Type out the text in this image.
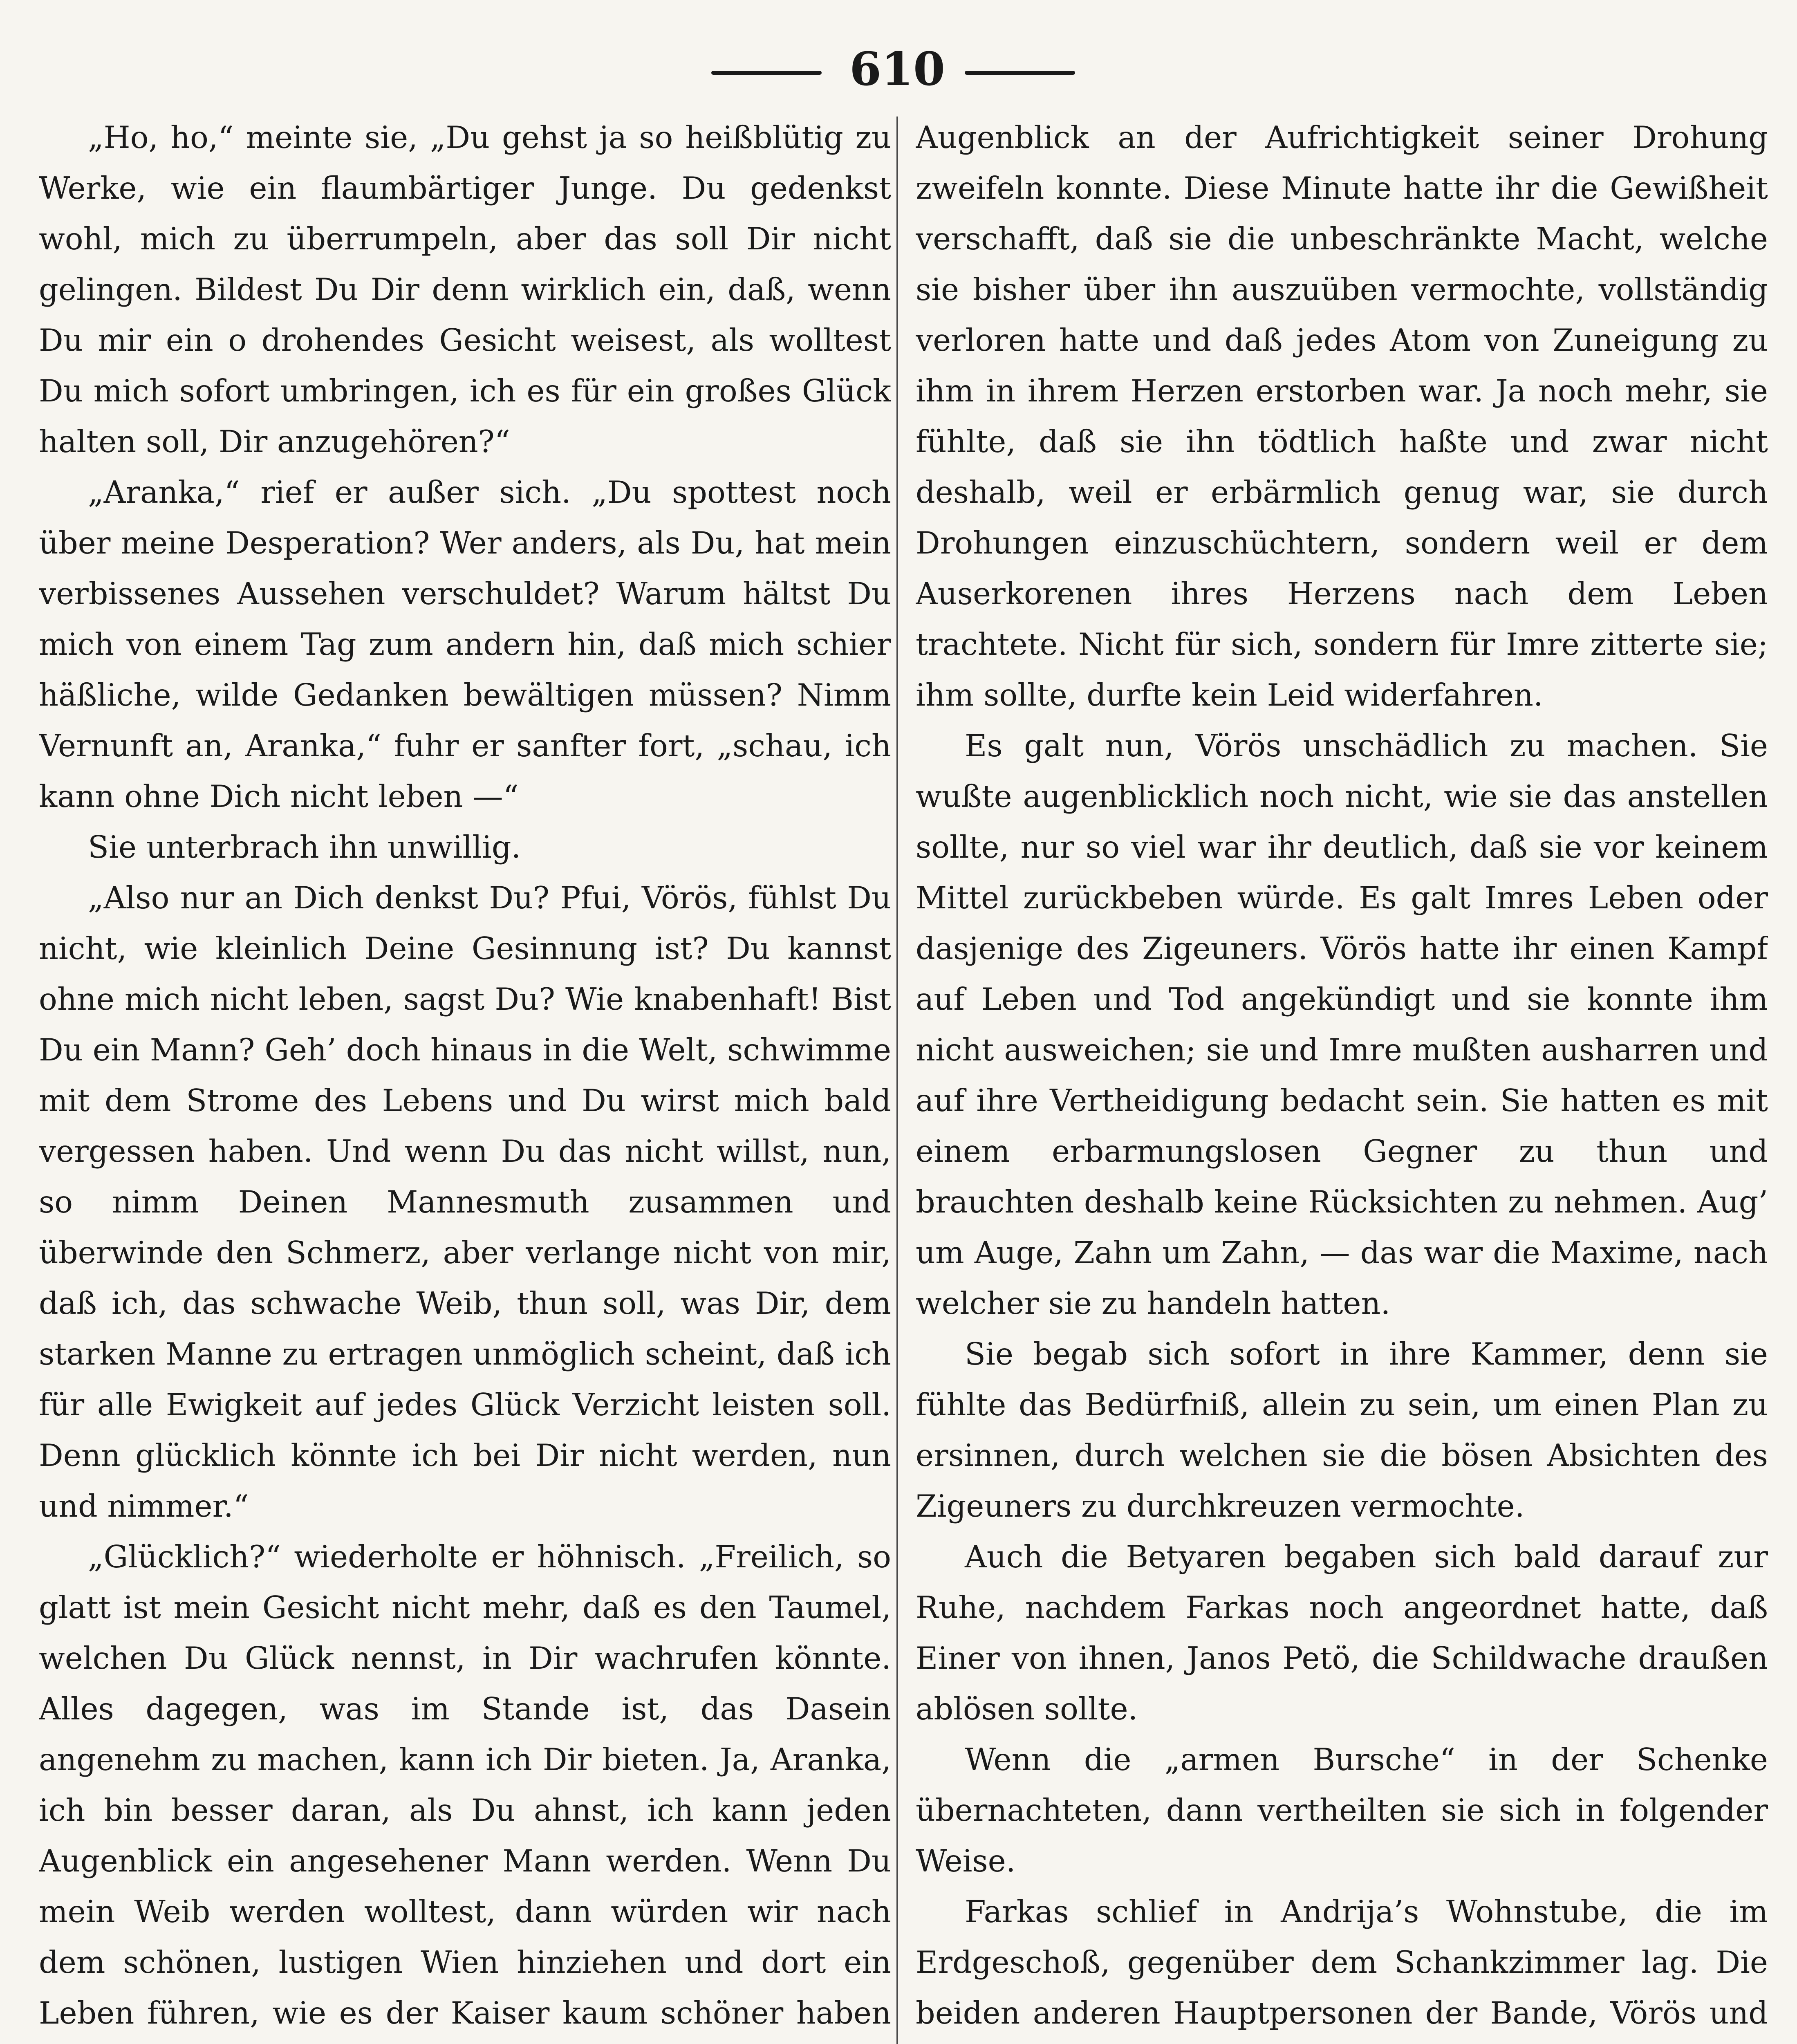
610

„Ho, ho,“ meinte sie, „Du gehst ja so heißblütig zu Werke, wie ein flaumbärtiger Junge. Du gedenkst wohl, mich zu überrumpeln, aber das soll Dir nicht gelingen. Bildest Du Dir denn wirklich ein, daß, wenn Du mir ein o drohendes Gesicht weisest, als wolltest Du mich sofort umbringen, ich es für ein großes Glück halten soll, Dir anzugehören?“

„Aranka,“ rief er außer sich. „Du spottest noch über meine Desperation? Wer anders, als Du, hat mein verbissenes Aussehen verschuldet? Warum hältst Du mich von einem Tag zum andern hin, daß mich schier häßliche, wilde Gedanken bewältigen müssen? Nimm Vernunft an, Aranka,“ fuhr er sanfter fort, „schau, ich kann ohne Dich nicht leben —“

Sie unterbrach ihn unwillig.

„Also nur an Dich denkst Du? Pfui, Vörös, fühlst Du nicht, wie kleinlich Deine Gesinnung ist? Du kannst ohne mich nicht leben, sagst Du? Wie knabenhaft! Bist Du ein Mann? Geh’ doch hinaus in die Welt, schwimme mit dem Strome des Lebens und Du wirst mich bald vergessen haben. Und wenn Du das nicht willst, nun, so nimm Deinen Mannesmuth zusammen und überwinde den Schmerz, aber verlange nicht von mir, daß ich, das schwache Weib, thun soll, was Dir, dem starken Manne zu ertragen unmöglich scheint, daß ich für alle Ewigkeit auf jedes Glück Verzicht leisten soll. Denn glücklich könnte ich bei Dir nicht werden, nun und nimmer.“

„Glücklich?“ wiederholte er höhnisch. „Freilich, so glatt ist mein Gesicht nicht mehr, daß es den Taumel, welchen Du Glück nennst, in Dir wachrufen könnte. Alles dagegen, was im Stande ist, das Dasein angenehm zu machen, kann ich Dir bieten. Ja, Aranka, ich bin besser daran, als Du ahnst, ich kann jeden Augenblick ein angesehener Mann werden. Wenn Du mein Weib werden wolltest, dann würden wir nach dem schönen, lustigen Wien hinziehen und dort ein Leben führen, wie es der Kaiser kaum schöner haben

Augenblick an der Aufrichtigkeit seiner Drohung zweifeln konnte. Diese Minute hatte ihr die Gewißheit verschafft, daß sie die unbeschränkte Macht, welche sie bisher über ihn auszuüben vermochte, vollständig verloren hatte und daß jedes Atom von Zuneigung zu ihm in ihrem Herzen erstorben war. Ja noch mehr, sie fühlte, daß sie ihn tödtlich haßte und zwar nicht deshalb, weil er erbärmlich genug war, sie durch Drohungen einzuschüchtern, sondern weil er dem Auserkorenen ihres Herzens nach dem Leben trachtete. Nicht für sich, sondern für Imre zitterte sie; ihm sollte, durfte kein Leid widerfahren.

Es galt nun, Vörös unschädlich zu machen. Sie wußte augenblicklich noch nicht, wie sie das anstellen sollte, nur so viel war ihr deutlich, daß sie vor keinem Mittel zurückbeben würde. Es galt Imres Leben oder dasjenige des Zigeuners. Vörös hatte ihr einen Kampf auf Leben und Tod angekündigt und sie konnte ihm nicht ausweichen; sie und Imre mußten ausharren und auf ihre Vertheidigung bedacht sein. Sie hatten es mit einem erbarmungslosen Gegner zu thun und brauchten deshalb keine Rücksichten zu nehmen. Aug’ um Auge, Zahn um Zahn, — das war die Maxime, nach welcher sie zu handeln hatten.

Sie begab sich sofort in ihre Kammer, denn sie fühlte das Bedürfniß, allein zu sein, um einen Plan zu ersinnen, durch welchen sie die bösen Absichten des Zigeuners zu durchkreuzen vermochte.

Auch die Betyaren begaben sich bald darauf zur Ruhe, nachdem Farkas noch angeordnet hatte, daß Einer von ihnen, Janos Petö, die Schildwache draußen ablösen sollte.

Wenn die „armen Bursche“ in der Schenke übernachteten, dann vertheilten sie sich in folgender Weise.

Farkas schlief in Andrija’s Wohnstube, die im Erdgeschoß, gegenüber dem Schankzimmer lag. Die beiden anderen Hauptpersonen der Bande, Vörös und
